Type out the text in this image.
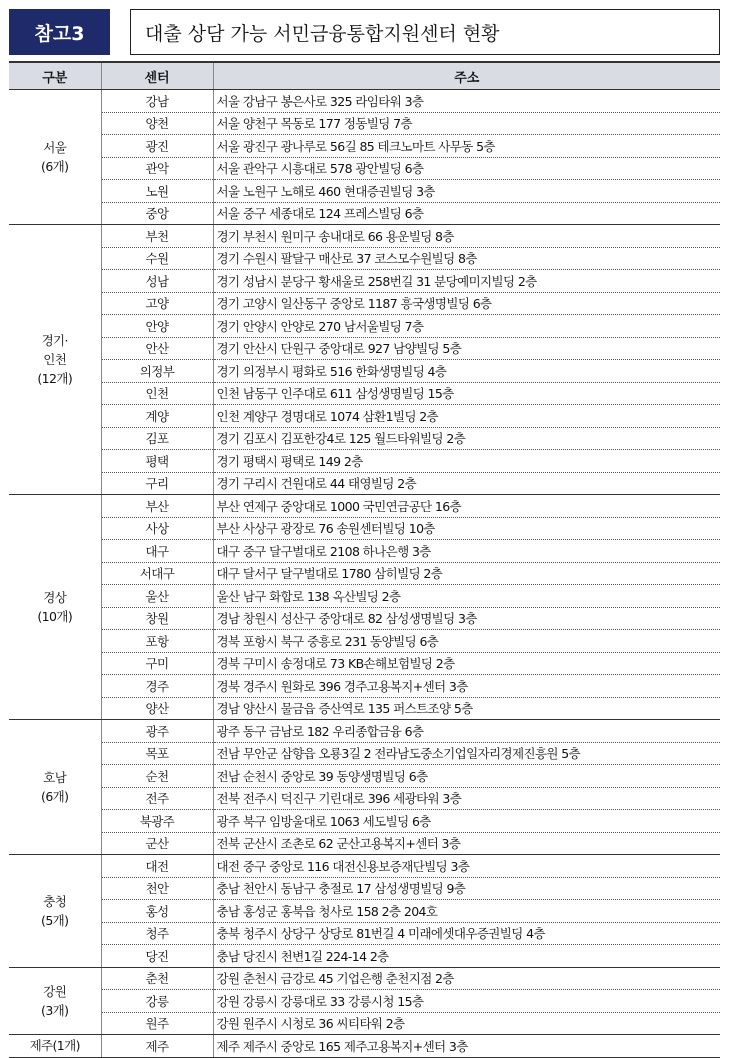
참고3	대출 상담 가능 서민금융통합지원센터 현황
구분	센터	주소

서울
(6개)	강남	서울 강남구 봉은사로 325 라임타워 3층
	양천	서울 양천구 목동로 177 정동빌딩 7층
	광진	서울 광진구 광나루로 56길 85 테크노마트 사무동 5층
	관악	서울 관악구 시흥대로 578 광안빌딩 6층
	노원	서울 노원구 노해로 460 현대증권빌딩 3층
	중앙	서울 중구 세종대로 124 프레스빌딩 6층

경기·
인천
(12개)	부천	경기 부천시 원미구 송내대로 66 용운빌딩 8층
	수원	경기 수원시 팔달구 매산로 37 코스모수원빌딩 8층
	성남	경기 성남시 분당구 황새울로 258번길 31 분당예미지빌딩 2층
	고양	경기 고양시 일산동구 중앙로 1187 흥국생명빌딩 6층
	안양	경기 안양시 안양로 270 남서울빌딩 7층
	안산	경기 안산시 단원구 중앙대로 927 남양빌딩 5층
	의정부	경기 의정부시 평화로 516 한화생명빌딩 4층
	인천	인천 남동구 인주대로 611 삼성생명빌딩 15층
	계양	인천 계양구 경명대로 1074 삼환1빌딩 2층
	김포	경기 김포시 김포한강4로 125 월드타워빌딩 2층
	평택	경기 평택시 평택로 149 2층
	구리	경기 구리시 건원대로 44 태영빌딩 2층

경상
(10개)	부산	부산 연제구 중앙대로 1000 국민연금공단 16층
	사상	부산 사상구 광장로 76 송원센터빌딩 10층
	대구	대구 중구 달구벌대로 2108 하나은행 3층
	서대구	대구 달서구 달구벌대로 1780 삼히빌딩 2층
	울산	울산 남구 화합로 138 옥산빌딩 2층
	창원	경남 창원시 성산구 중앙대로 82 삼성생명빌딩 3층
	포항	경북 포항시 북구 중흥로 231 동양빌딩 6층
	구미	경북 구미시 송정대로 73 KB손해보험빌딩 2층
	경주	경북 경주시 원화로 396 경주고용복지+센터 3층
	양산	경남 양산시 물금읍 증산역로 135 퍼스트조양 5층

호남
(6개)	광주	광주 동구 금남로 182 우리종합금융 6층
	목포	전남 무안군 삼향읍 오룡3길 2 전라남도중소기업일자리경제진흥원 5층
	순천	전남 순천시 중앙로 39 동양생명빌딩 6층
	전주	전북 전주시 덕진구 기린대로 396 세광타워 3층
	북광주	광주 북구 임방울대로 1063 세도빌딩 6층
	군산	전북 군산시 조촌로 62 군산고용복지+센터 3층

충청
(5개)	대전	대전 중구 중앙로 116 대전신용보증재단빌딩 3층
	천안	충남 천안시 동남구 충절로 17 삼성생명빌딩 9층
	홍성	충남 홍성군 홍북읍 청사로 158 2층 204호
	청주	충북 청주시 상당구 상당로 81번길 4 미래에셋대우증권빌딩 4층
	당진	충남 당진시 천변1길 224-14 2층

강원
(3개)	춘천	강원 춘천시 금강로 45 기업은행 춘천지점 2층
	강릉	강원 강릉시 강릉대로 33 강릉시청 15층
	원주	강원 원주시 시청로 36 씨티타워 2층

제주(1개)	제주	제주 제주시 중앙로 165 제주고용복지+센터 3층
